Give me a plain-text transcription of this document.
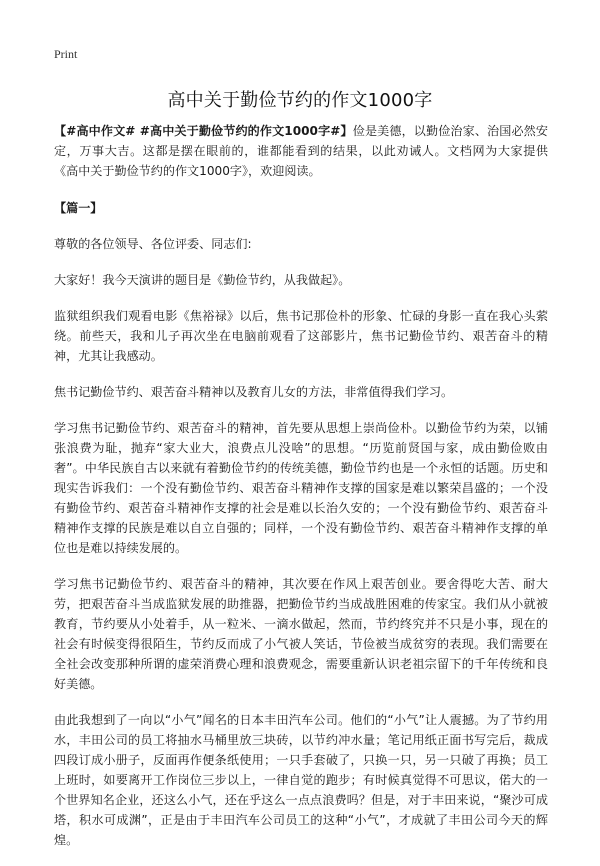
Print
高中关于勤俭节约的作文1000字

【#高中作文# #高中关于勤俭节约的作文1000字#】俭是美德，以勤俭治家、治国必然安定，万事大吉。这都是摆在眼前的，谁都能看到的结果，以此劝诫人。文档网为大家提供《高中关于勤俭节约的作文1000字》，欢迎阅读。

【篇一】

尊敬的各位领导、各位评委、同志们:

大家好！我今天演讲的题目是《勤俭节约，从我做起》。

监狱组织我们观看电影《焦裕禄》以后，焦书记那俭朴的形象、忙碌的身影一直在我心头萦绕。前些天，我和儿子再次坐在电脑前观看了这部影片，焦书记勤俭节约、艰苦奋斗的精神，尤其让我感动。

焦书记勤俭节约、艰苦奋斗精神以及教育儿女的方法，非常值得我们学习。

学习焦书记勤俭节约、艰苦奋斗的精神，首先要从思想上崇尚俭朴。以勤俭节约为荣，以铺张浪费为耻，抛弃“家大业大，浪费点儿没啥”的思想。“历览前贤国与家，成由勤俭败由奢”。中华民族自古以来就有着勤俭节约的传统美德，勤俭节约也是一个永恒的话题。历史和现实告诉我们：一个没有勤俭节约、艰苦奋斗精神作支撑的国家是难以繁荣昌盛的；一个没有勤俭节约、艰苦奋斗精神作支撑的社会是难以长治久安的；一个没有勤俭节约、艰苦奋斗精神作支撑的民族是难以自立自强的；同样，一个没有勤俭节约、艰苦奋斗精神作支撑的单位也是难以持续发展的。

学习焦书记勤俭节约、艰苦奋斗的精神，其次要在作风上艰苦创业。要舍得吃大苦、耐大劳，把艰苦奋斗当成监狱发展的助推器，把勤俭节约当成战胜困难的传家宝。我们从小就被教育，节约要从小处着手，从一粒米、一滴水做起，然而，节约终究并不只是小事，现在的社会有时候变得很陌生，节约反而成了小气被人笑话，节俭被当成贫穷的表现。我们需要在全社会改变那种所谓的虚荣消费心理和浪费观念，需要重新认识老祖宗留下的千年传统和良好美德。

由此我想到了一向以“小气”闻名的日本丰田汽车公司。他们的“小气”让人震撼。为了节约用水，丰田公司的员工将抽水马桶里放三块砖，以节约冲水量；笔记用纸正面书写完后，裁成四段订成小册子，反面再作便条纸使用；一只手套破了，只换一只，另一只破了再换；员工上班时，如要离开工作岗位三步以上，一律自觉的跑步；有时候真觉得不可思议，偌大的一个世界知名企业，还这么小气，还在乎这么一点点浪费吗？但是，对于丰田来说，“聚沙可成塔，积水可成渊”，正是由于丰田汽车公司员工的这种“小气”，才成就了丰田公司今天的辉煌。
